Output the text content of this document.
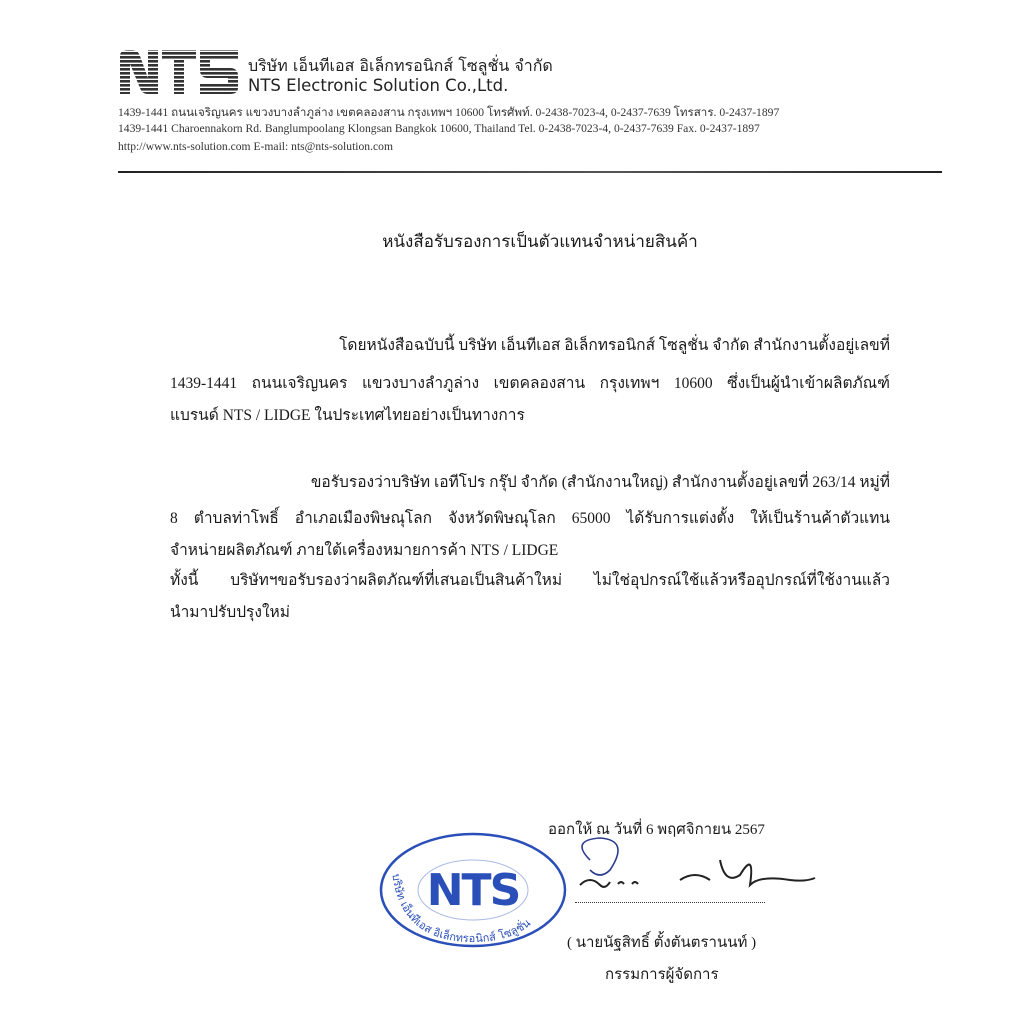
บริษัท เอ็นทีเอส อิเล็กทรอนิกส์ โซลูชั่น จำกัด
NTS Electronic Solution Co.,Ltd.
1439-1441 ถนนเจริญนคร แขวงบางลำภูล่าง เขตคลองสาน กรุงเทพฯ 10600 โทรศัพท์. 0-2438-7023-4, 0-2437-7639 โทรสาร. 0-2437-1897
1439-1441 Charoennakorn Rd. Banglumpoolang Klongsan Bangkok 10600, Thailand Tel. 0-2438-7023-4, 0-2437-7639 Fax. 0-2437-1897
http://www.nts-solution.com E-mail: nts@nts-solution.com
หนังสือรับรองการเป็นตัวแทนจำหน่ายสินค้า
โดยหนังสือฉบับนี้ บริษัท เอ็นทีเอส อิเล็กทรอนิกส์ โซลูชั่น จำกัด สำนักงานตั้งอยู่เลขที่
1439-1441 ถนนเจริญนคร แขวงบางลำภูล่าง เขตคลองสาน กรุงเทพฯ 10600 ซึ่งเป็นผู้นำเข้าผลิตภัณฑ์
แบรนด์ NTS / LIDGE ในประเทศไทยอย่างเป็นทางการ
ขอรับรองว่าบริษัท เอทีโปร กรุ๊ป จำกัด (สำนักงานใหญ่) สำนักงานตั้งอยู่เลขที่ 263/14 หมู่ที่
8 ตำบลท่าโพธิ์ อำเภอเมืองพิษณุโลก จังหวัดพิษณุโลก 65000 ได้รับการแต่งตั้ง ให้เป็นร้านค้าตัวแทน
จำหน่ายผลิตภัณฑ์ ภายใต้เครื่องหมายการค้า NTS / LIDGE
ทั้งนี้ บริษัทฯขอรับรองว่าผลิตภัณฑ์ที่เสนอเป็นสินค้าใหม่ ไม่ใช่อุปกรณ์ใช้แล้วหรืออุปกรณ์ที่ใช้งานแล้ว
นำมาปรับปรุงใหม่
NTS
บริษัท เอ็นทีเอส อิเล็กทรอนิกส์ โซลูชั่น
ออกให้ ณ วันที่ 6 พฤศจิกายน 2567
( นายนัฐสิทธิ์ ตั้งตันตรานนท์ )
กรรมการผู้จัดการ
